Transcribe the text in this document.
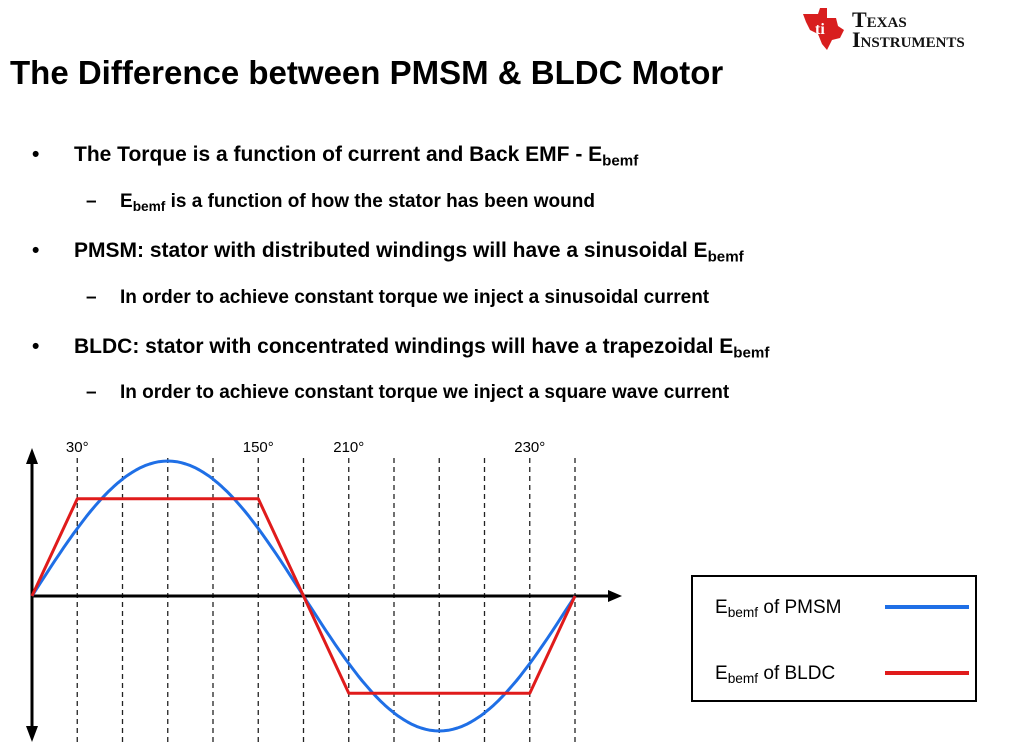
The Difference between PMSM & BLDC Motor
ti Texas
Instruments
• The Torque is a function of current and Back EMF - $E_{bemf}$
– $E_{bemf}$ is a function of how the stator has been wound
• PMSM: stator with distributed windings will have a sinusoidal $E_{bemf}$
– In order to achieve constant torque we inject a sinusoidal current
• BLDC: stator with concentrated windings will have a trapezoidal $E_{bemf}$
– In order to achieve constant torque we inject a square wave current
30°	150°	210°	230°
$E_{bemf}$ of PMSM
$E_{bemf}$ of BLDC
